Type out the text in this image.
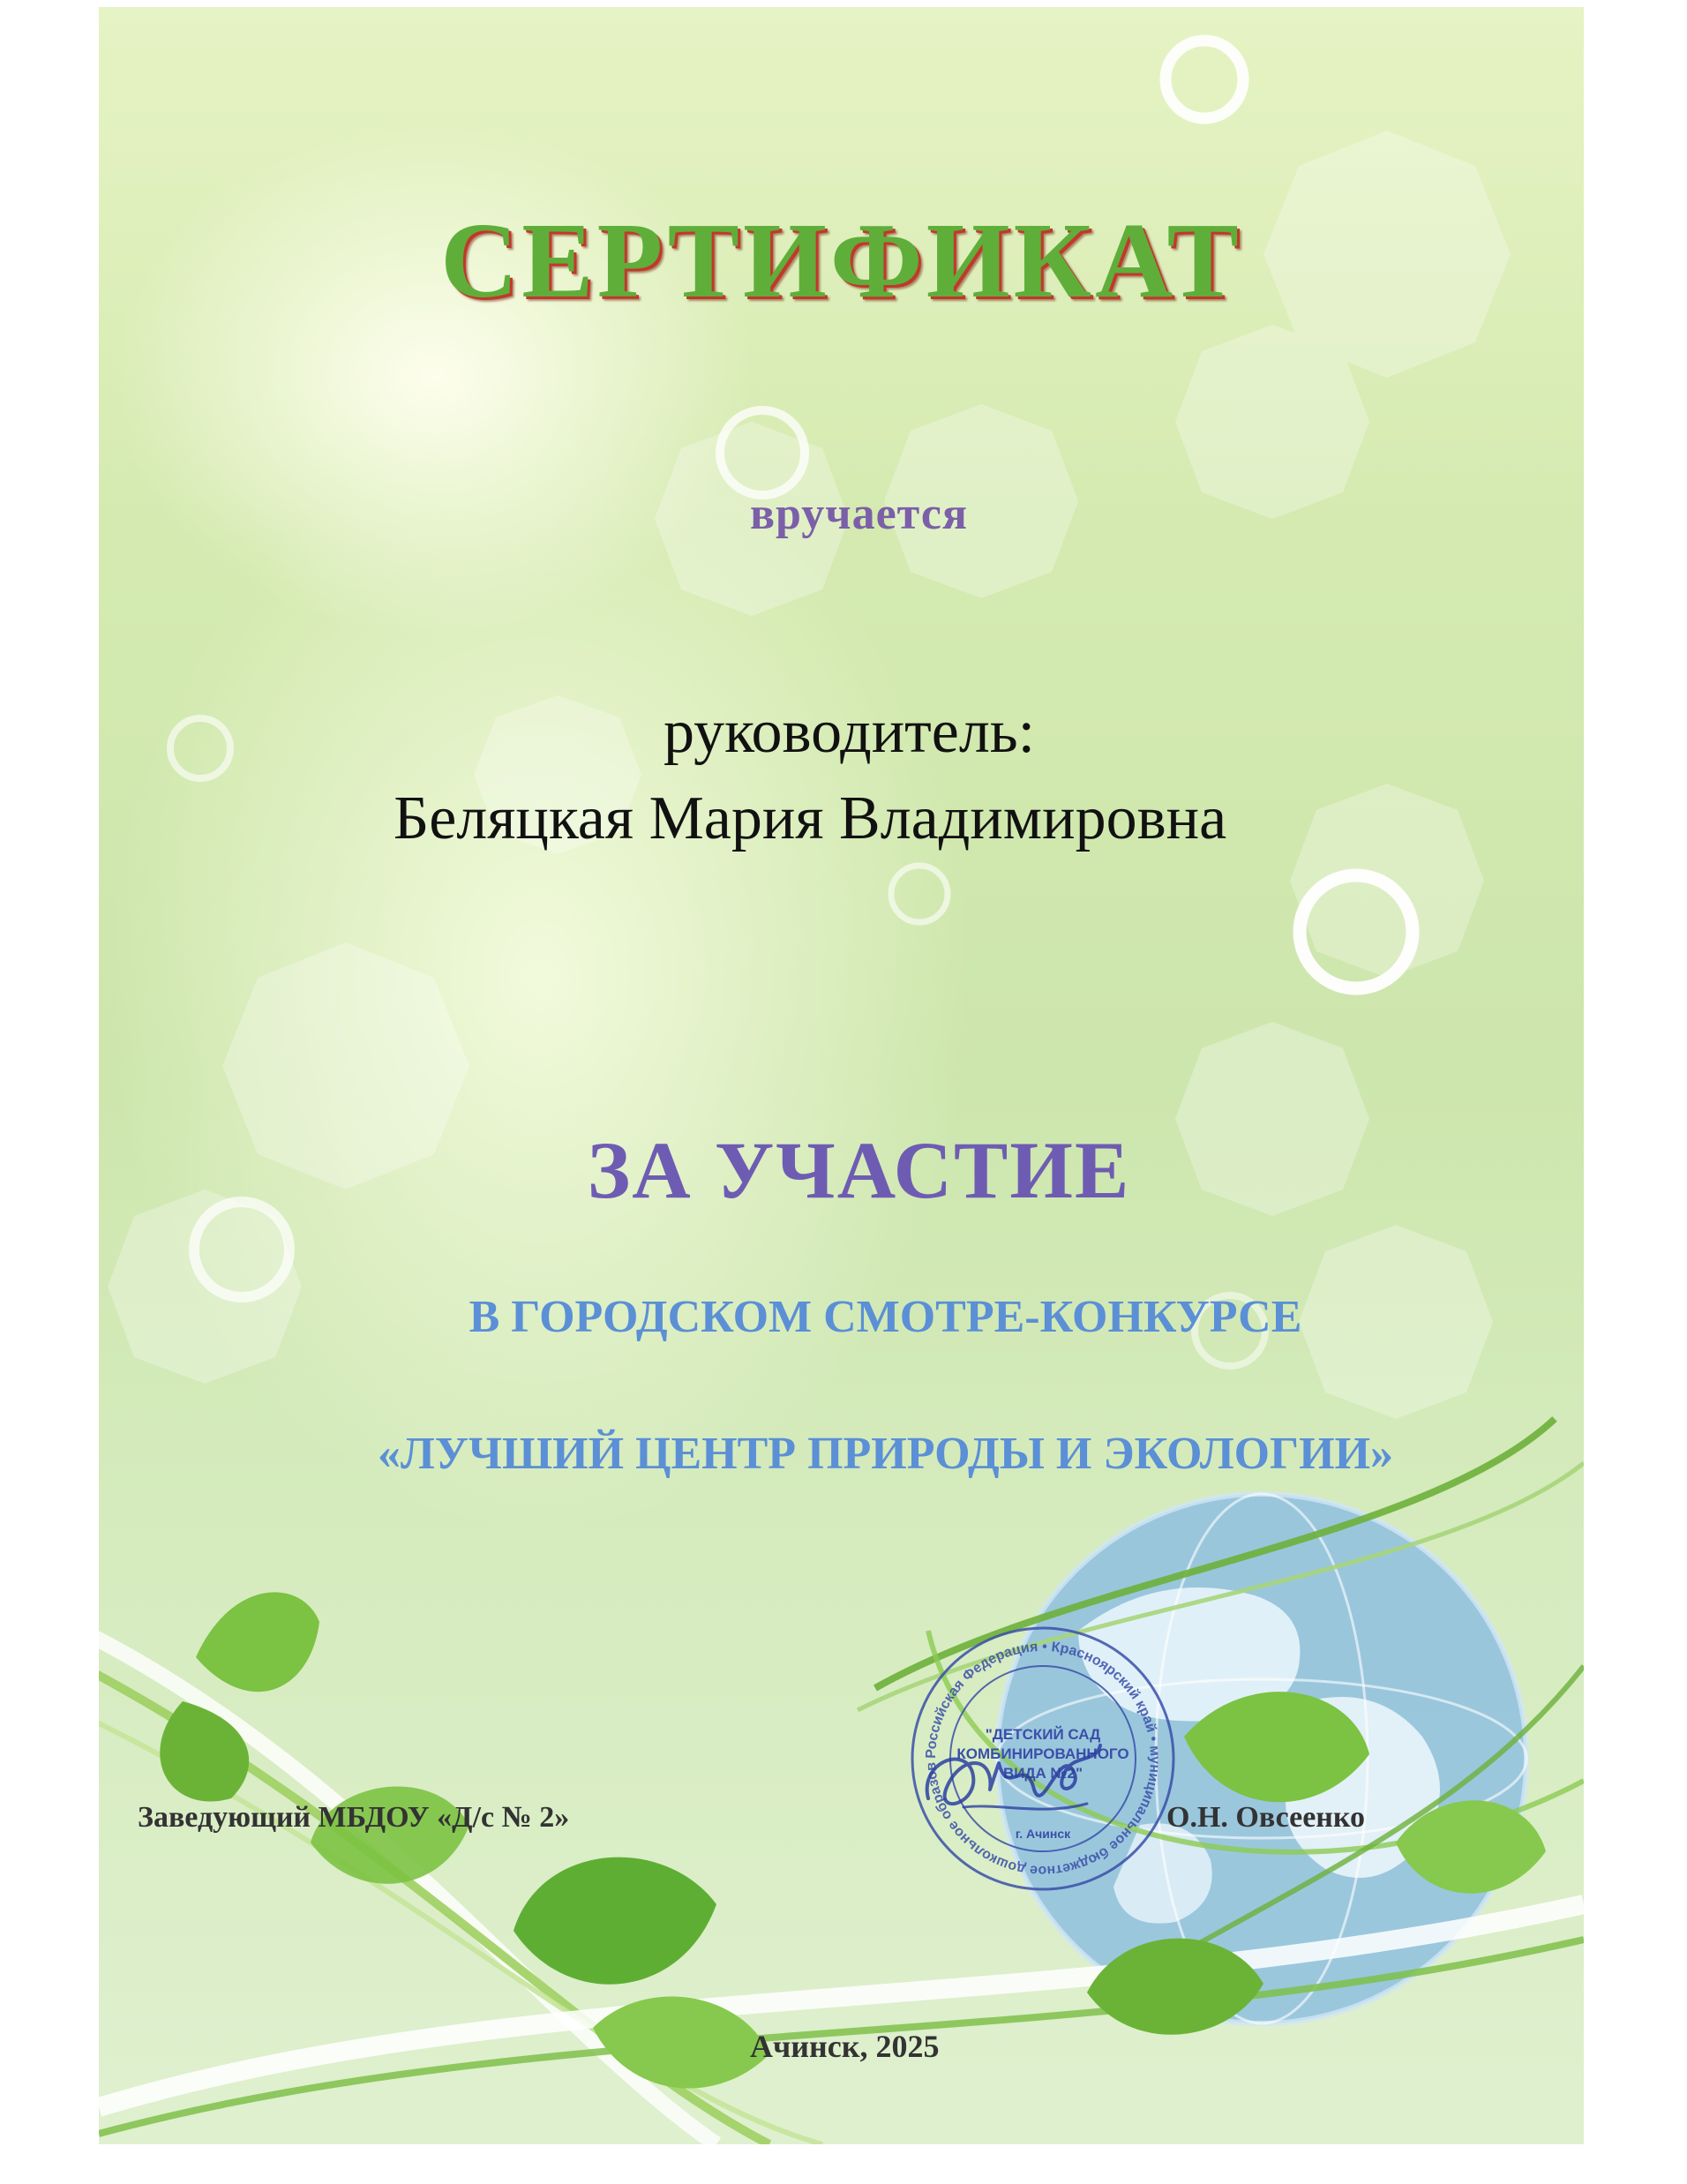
СЕРТИФИКАТ
вручается
руководитель:
Беляцкая Мария Владимировна
ЗА УЧАСТИЕ
В ГОРОДСКОМ СМОТРЕ-КОНКУРСЕ
«ЛУЧШИЙ ЦЕНТР ПРИРОДЫ И ЭКОЛОГИИ»
Российская Федерация • Красноярский край • муниципальное бюджетное дошкольное образов
"ДЕТСКИЙ САД
КОМБИНИРОВАННОГО
ВИДА №2"
г. Ачинск
Заведующий МБДОУ «Д/с № 2»	О.Н. Овсеенко
Ачинск, 2025
